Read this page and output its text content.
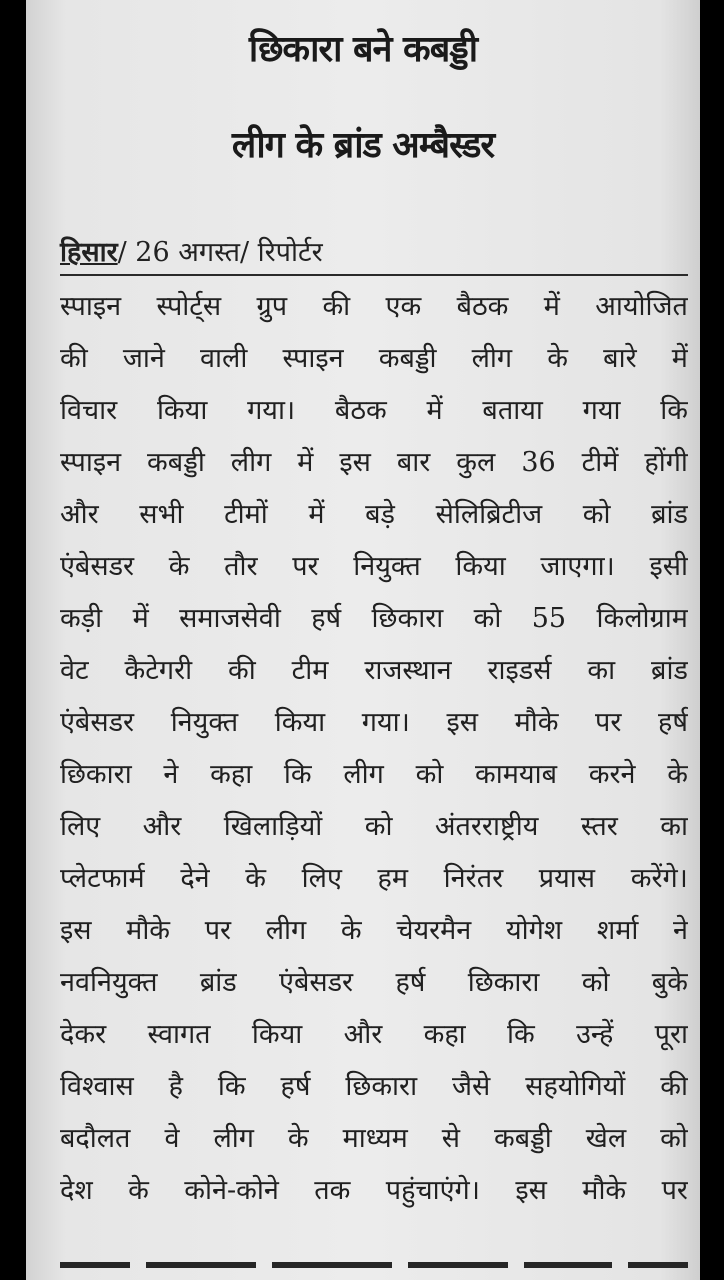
छिकारा बने कबड्डी
लीग के ब्रांड अम्बैस्डर
हिसार/ 26 अगस्त/ रिपोर्टर
स्पाइन स्पोर्ट्स ग्रुप की एक बैठक में आयोजित
की जाने वाली स्पाइन कबड्डी लीग के बारे में
विचार किया गया। बैठक में बताया गया कि
स्पाइन कबड्डी लीग में इस बार कुल 36 टीमें होंगी
और सभी टीमों में बड़े सेलिब्रिटीज को ब्रांड
एंबेसडर के तौर पर नियुक्त किया जाएगा। इसी
कड़ी में समाजसेवी हर्ष छिकारा को 55 किलोग्राम
वेट कैटेगरी की टीम राजस्थान राइडर्स का ब्रांड
एंबेसडर नियुक्त किया गया। इस मौके पर हर्ष
छिकारा ने कहा कि लीग को कामयाब करने के
लिए और खिलाड़ियों को अंतरराष्ट्रीय स्तर का
प्लेटफार्म देने के लिए हम निरंतर प्रयास करेंगे।
इस मौके पर लीग के चेयरमैन योगेश शर्मा ने
नवनियुक्त ब्रांड एंबेसडर हर्ष छिकारा को बुके
देकर स्वागत किया और कहा कि उन्हें पूरा
विश्वास है कि हर्ष छिकारा जैसे सहयोगियों की
बदौलत वे लीग के माध्यम से कबड्डी खेल को
देश के कोने-कोने तक पहुंचाएंगे। इस मौके पर
